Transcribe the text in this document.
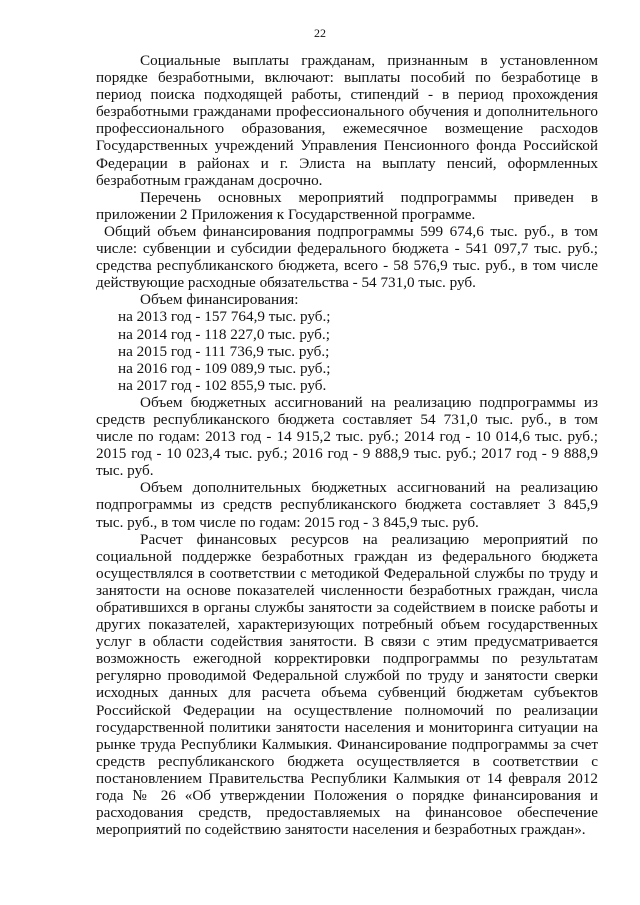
22

Социальные выплаты гражданам, признанным в установленном порядке безработными, включают: выплаты пособий по безработице в период поиска подходящей работы, стипендий - в период прохождения безработными гражданами профессионального обучения и дополнительного профессионального образования, ежемесячное возмещение расходов Государственных учреждений Управления Пенсионного фонда Российской Федерации в районах и г. Элиста на выплату пенсий, оформленных безработным гражданам досрочно.

Перечень основных мероприятий подпрограммы приведен в приложении 2 Приложения к Государственной программе.

Общий объем финансирования подпрограммы 599 674,6 тыс. руб., в том числе: субвенции и субсидии федерального бюджета - 541 097,7 тыс. руб.; средства республиканского бюджета, всего - 58 576,9 тыс. руб., в том числе действующие расходные обязательства - 54 731,0 тыс. руб.

Объем финансирования:

на 2013 год - 157 764,9 тыс. руб.;

на 2014 год - 118 227,0 тыс. руб.;

на 2015 год - 111 736,9 тыс. руб.;

на 2016 год - 109 089,9 тыс. руб.;

на 2017 год - 102 855,9 тыс. руб.

Объем бюджетных ассигнований на реализацию подпрограммы из средств республиканского бюджета составляет 54 731,0 тыс. руб., в том числе по годам: 2013 год - 14 915,2 тыс. руб.; 2014 год - 10 014,6 тыс. руб.; 2015 год - 10 023,4 тыс. руб.; 2016 год - 9 888,9 тыс. руб.; 2017 год - 9 888,9 тыс. руб.

Объем дополнительных бюджетных ассигнований на реализацию подпрограммы из средств республиканского бюджета составляет 3 845,9 тыс. руб., в том числе по годам: 2015 год - 3 845,9 тыс. руб.

Расчет финансовых ресурсов на реализацию мероприятий по социальной поддержке безработных граждан из федерального бюджета осуществлялся в соответствии с методикой Федеральной службы по труду и занятости на основе показателей численности безработных граждан, числа обратившихся в органы службы занятости за содействием в поиске работы и других показателей, характеризующих потребный объем государственных услуг в области содействия занятости. В связи с этим предусматривается возможность ежегодной корректировки подпрограммы по результатам регулярно проводимой Федеральной службой по труду и занятости сверки исходных данных для расчета объема субвенций бюджетам субъектов Российской Федерации на осуществление полномочий по реализации государственной политики занятости населения и мониторинга ситуации на рынке труда Республики Калмыкия. Финансирование подпрограммы за счет средств республиканского бюджета осуществляется в соответствии с постановлением Правительства Республики Калмыкия от 14 февраля 2012 года № 26 «Об утверждении Положения о порядке финансирования и расходования средств, предоставляемых на финансовое обеспечение мероприятий по содействию занятости населения и безработных граждан».
